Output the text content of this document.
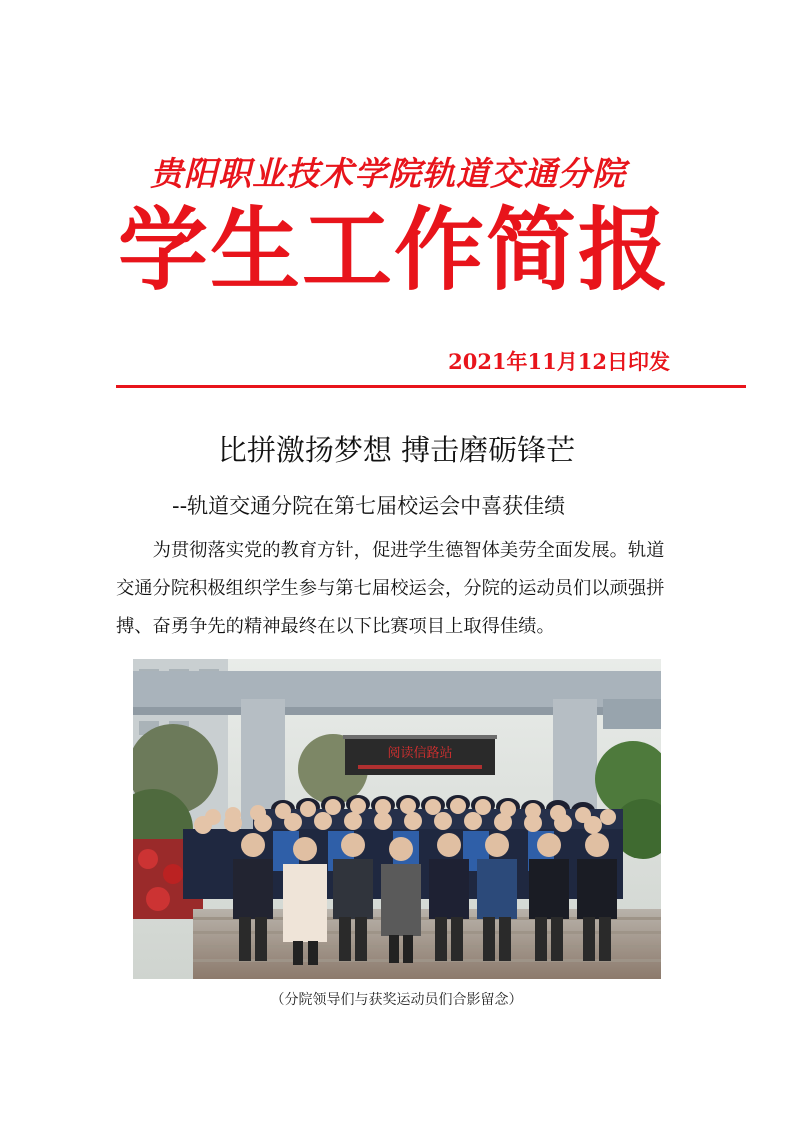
贵阳职业技术学院轨道交通分院
学生工作简报
2021年11月12日印发
比拼激扬梦想 搏击磨砺锋芒
--轨道交通分院在第七届校运会中喜获佳绩

为贯彻落实党的教育方针，促进学生德智体美劳全面发展。轨道交通分院积极组织学生参与第七届校运会，分院的运动员们以顽强拼搏、奋勇争先的精神最终在以下比赛项目上取得佳绩。

阅读信路站
（分院领导们与获奖运动员们合影留念）
